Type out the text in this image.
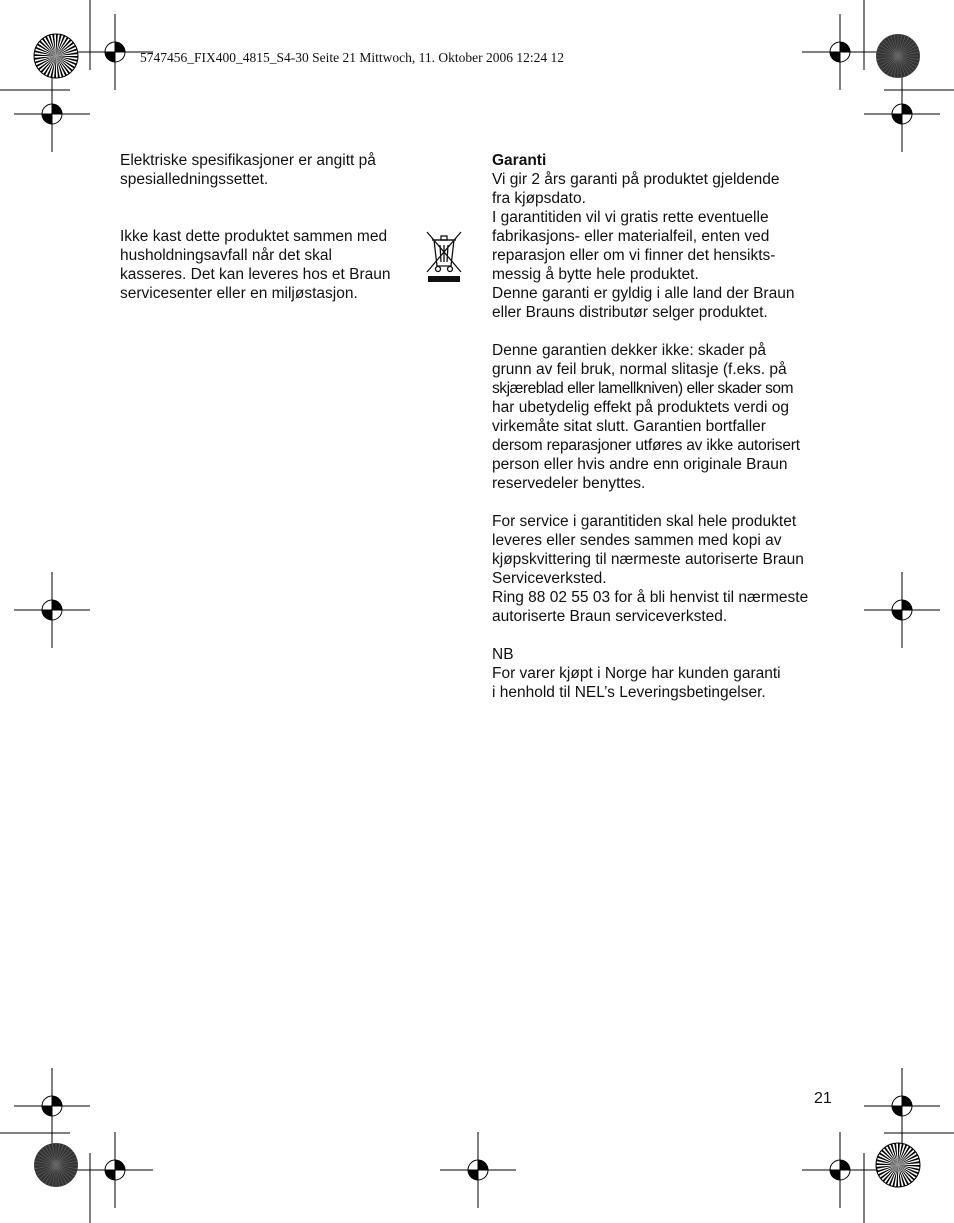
5747456_FIX400_4815_S4-30 Seite 21 Mittwoch, 11. Oktober 2006 12:24 12
Elektriske spesifikasjoner er angitt på
spesialledningssettet.
Ikke kast dette produktet sammen med
husholdningsavfall når det skal
kasseres. Det kan leveres hos et Braun
servicesenter eller en miljøstasjon.

Garanti

Vi gir 2 års garanti på produktet gjeldende

fra kjøpsdato.

I garantitiden vil vi gratis rette eventuelle

fabrikasjons- eller materialfeil, enten ved

reparasjon eller om vi finner det hensikts-

messig å bytte hele produktet.

Denne garanti er gyldig i alle land der Braun

eller Brauns distributør selger produktet.

Denne garantien dekker ikke: skader på

grunn av feil bruk, normal slitasje (f.eks. på

skjæreblad eller lamellkniven) eller skader som

har ubetydelig effekt på produktets verdi og

virkemåte sitat slutt. Garantien bortfaller

dersom reparasjoner utføres av ikke autorisert

person eller hvis andre enn originale Braun

reservedeler benyttes.

For service i garantitiden skal hele produktet

leveres eller sendes sammen med kopi av

kjøpskvittering til nærmeste autoriserte Braun

Serviceverksted.

Ring 88 02 55 03 for å bli henvist til nærmeste

autoriserte Braun serviceverksted.

NB

For varer kjøpt i Norge har kunden garanti

i henhold til NEL’s Leveringsbetingelser.

21
